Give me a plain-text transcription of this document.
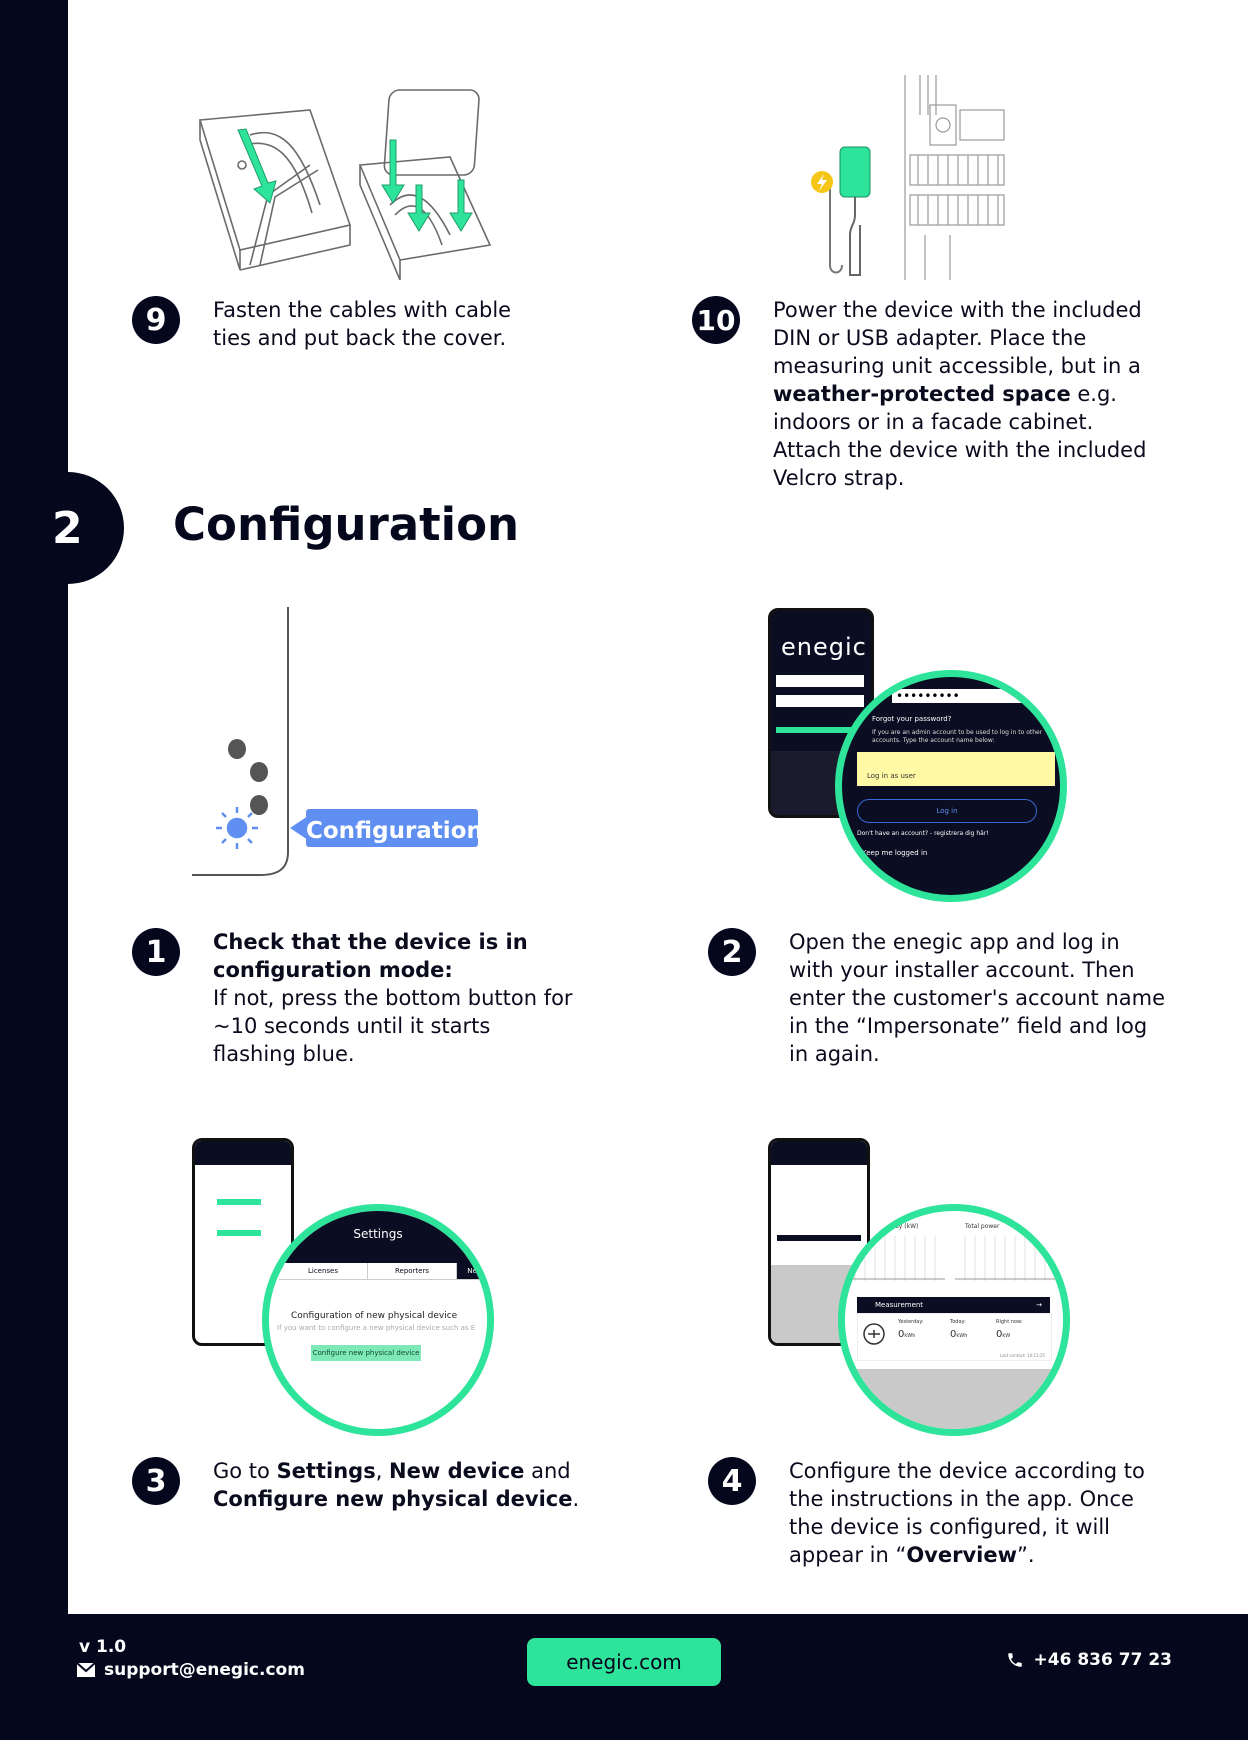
9	Fasten the cables with cable ties and put back the cover.

10 Power the device with the included DIN or USB adapter. Place the measuring unit accessible, but in a weather-protected space e.g. indoors or in a facade cabinet. Attach the device with the included Velcro strap.

2 Configuration
Configuration
enegic
•••••••••
Forgot your password?
If you are an admin account to be used to log in to other accounts. Type the account name below:
Log in as user
Log in
Don't have an account? - registrera dig här!
Keep me logged in
1	Check that the device is in configuration mode:

If not, press the bottom button for ~10 seconds until it starts flashing blue.

2	Open the enegic app and log in with your installer account. Then enter the customer's account name in the “Impersonate” field and log in again.

Settings
Licenses	Reporters	Ne
Configuration of new physical device
If you want to configure a new physical device such as E
Configure new physical device
Today (kW)	Total power
Measurement	→
Yesterday:
0kWh
Today:
0kWh
Right now:
0kW
Last contact: 10:13:25
3	Go to Settings, New device and Configure new physical device.

4	Configure the device according to the instructions in the app. Once the device is configured, it will appear in “Overview”.

v 1.0
support@enegic.com	enegic.com	+46 836 77 23
